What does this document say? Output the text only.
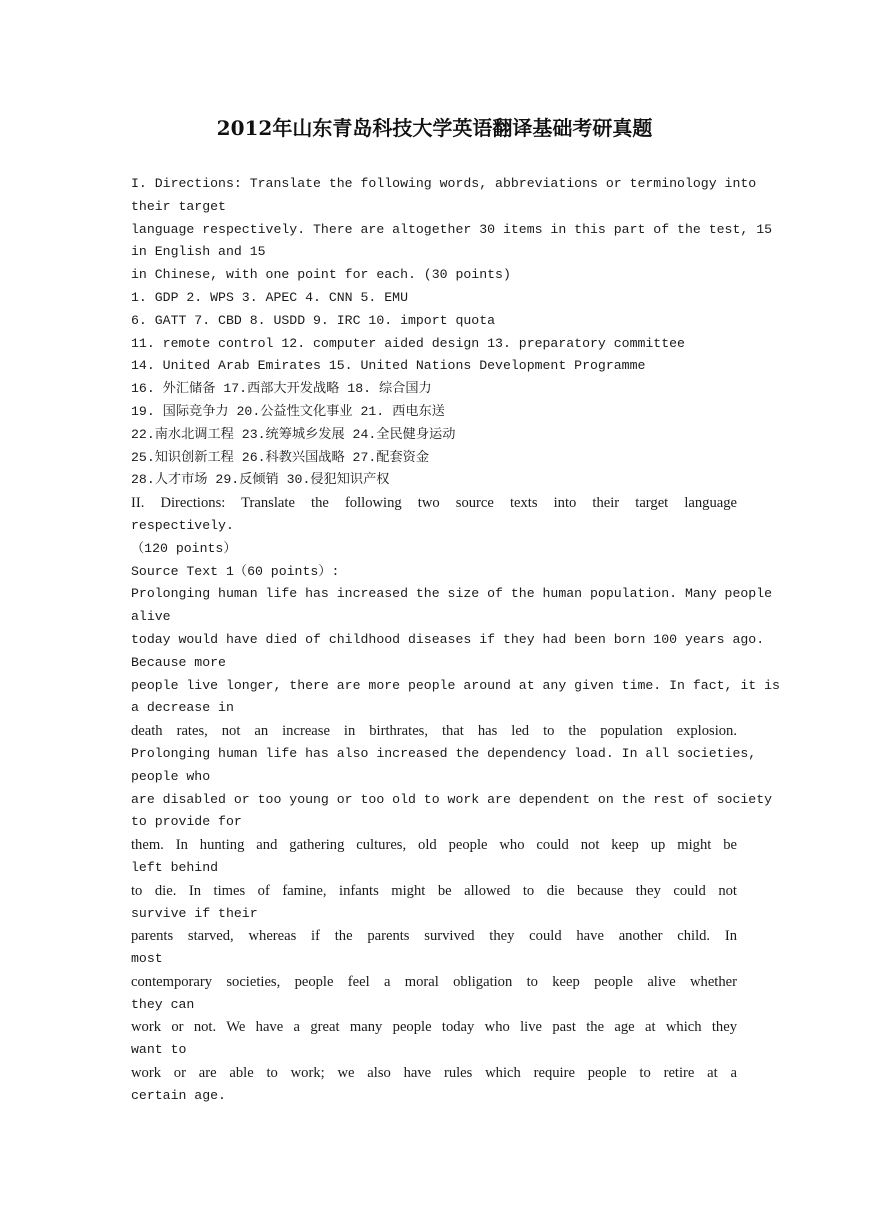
2012年山东青岛科技大学英语翻译基础考研真题
I. Directions: Translate the following words, abbreviations or terminology into
their target
language respectively. There are altogether 30 items in this part of the test, 15
in English and 15
in Chinese, with one point for each. (30 points)
1. GDP 2. WPS 3. APEC 4. CNN 5. EMU
6. GATT 7. CBD 8. USDD 9. IRC 10. import quota
11. remote control 12. computer aided design 13. preparatory committee
14. United Arab Emirates 15. United Nations Development Programme
16. 外汇储备 17.西部大开发战略 18. 综合国力
19. 国际竞争力 20.公益性文化事业 21. 西电东送
22.南水北调工程 23.统筹城乡发展 24.全民健身运动
25.知识创新工程 26.科教兴国战略 27.配套资金
28.人才市场 29.反倾销 30.侵犯知识产权
II. Directions: Translate the following two source texts into their target language
respectively.
（120 points）
Source Text 1（60 points）:
Prolonging human life has increased the size of the human population. Many people
alive
today would have died of childhood diseases if they had been born 100 years ago.
Because more
people live longer, there are more people around at any given time. In fact, it is
a decrease in
death rates, not an increase in birthrates, that has led to the population explosion.
Prolonging human life has also increased the dependency load. In all societies,
people who
are disabled or too young or too old to work are dependent on the rest of society
to provide for
them. In hunting and gathering cultures, old people who could not keep up might be
left behind
to die. In times of famine, infants might be allowed to die because they could not
survive if their
parents starved, whereas if the parents survived they could have another child. In
most
contemporary societies, people feel a moral obligation to keep people alive whether
they can
work or not. We have a great many people today who live past the age at which they
want to
work or are able to work; we also have rules which require people to retire at a
certain age.
